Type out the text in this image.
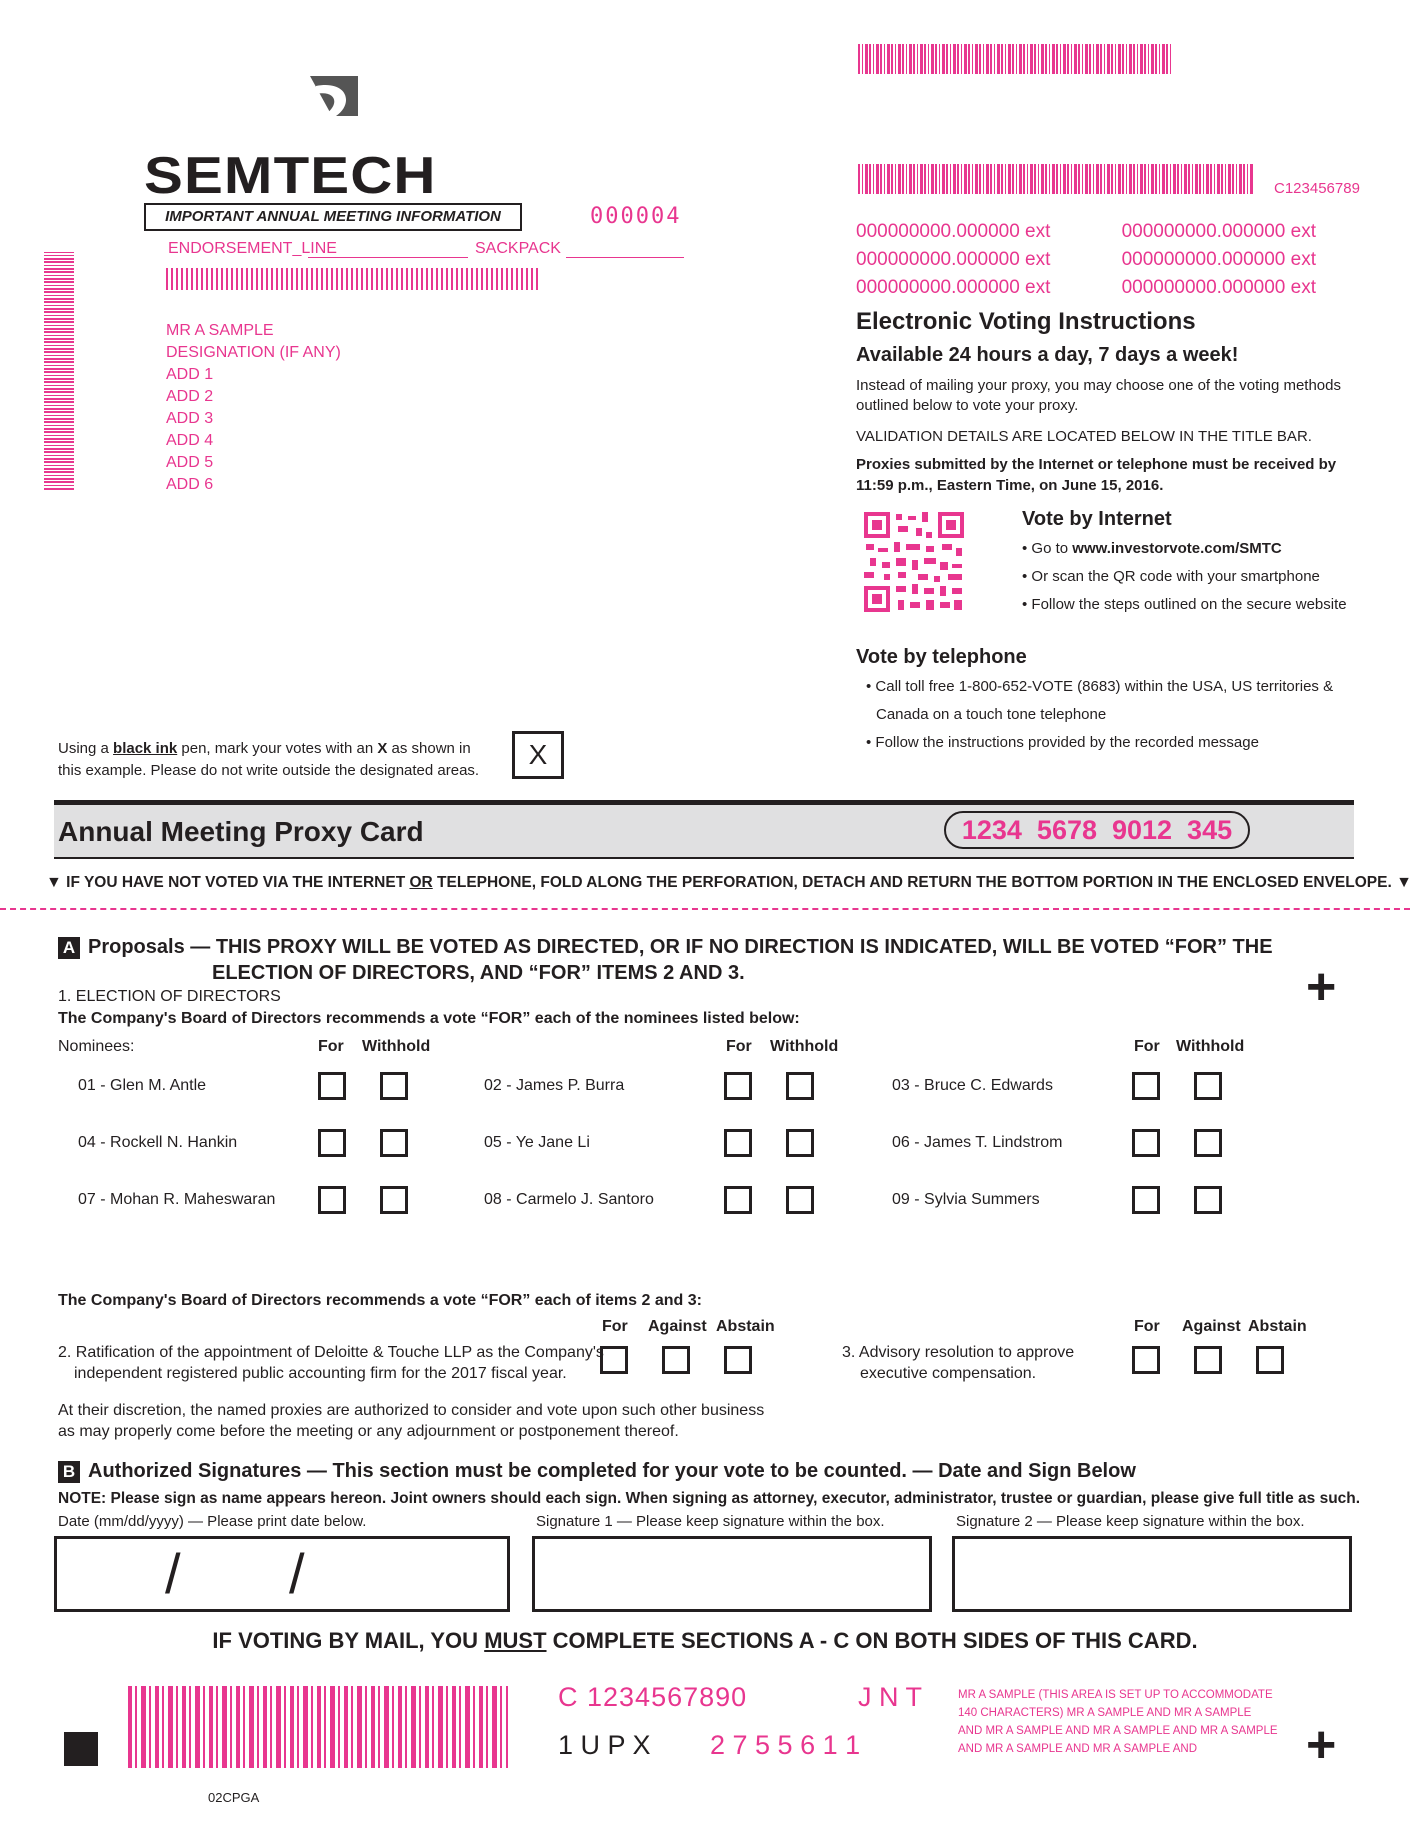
SEMTECH
IMPORTANT ANNUAL MEETING INFORMATION	000004
ENDORSEMENT_LINE	SACKPACK
MR A SAMPLE
DESIGNATION (IF ANY)
ADD 1
ADD 2
ADD 3
ADD 4
ADD 5
ADD 6
C123456789
000000000.000000 ext	000000000.000000 ext
000000000.000000 ext	000000000.000000 ext
000000000.000000 ext	000000000.000000 ext
Electronic Voting Instructions
Available 24 hours a day, 7 days a week!
Instead of mailing your proxy, you may choose one of the voting methods outlined below to vote your proxy.
VALIDATION DETAILS ARE LOCATED BELOW IN THE TITLE BAR.
Proxies submitted by the Internet or telephone must be received by 11:59 p.m., Eastern Time, on June 15, 2016.
Vote by Internet
• Go to www.investorvote.com/SMTC
• Or scan the QR code with your smartphone
• Follow the steps outlined on the secure website
Vote by telephone
• Call toll free 1-800-652-VOTE (8683) within the USA, US territories &
Canada on a touch tone telephone
• Follow the instructions provided by the recorded message
Using a black ink pen, mark your votes with an X as shown in
this example. Please do not write outside the designated areas.
X
Annual Meeting Proxy Card	1234  5678  9012  345
▼ IF YOU HAVE NOT VOTED VIA THE INTERNET OR TELEPHONE, FOLD ALONG THE PERFORATION, DETACH AND RETURN THE BOTTOM PORTION IN THE ENCLOSED ENVELOPE. ▼
A Proposals — THIS PROXY WILL BE VOTED AS DIRECTED, OR IF NO DIRECTION IS INDICATED, WILL BE VOTED “FOR” THE
ELECTION OF DIRECTORS, AND “FOR” ITEMS 2 AND 3.	+
1. ELECTION OF DIRECTORS
The Company's Board of Directors recommends a vote “FOR” each of the nominees listed below:
Nominees:	For Withhold	For Withhold	For Withhold
01 - Glen M. Antle	02 - James P. Burra	03 - Bruce C. Edwards
04 - Rockell N. Hankin	05 - Ye Jane Li	06 - James T. Lindstrom
07 - Mohan R. Maheswaran	08 - Carmelo J. Santoro	09 - Sylvia Summers
The Company's Board of Directors recommends a vote “FOR” each of items 2 and 3:
For Against Abstain
2. Ratification of the appointment of Deloitte & Touche LLP as the Company's
independent registered public accounting firm for the 2017 fiscal year.
For Against Abstain
3. Advisory resolution to approve
executive compensation.
At their discretion, the named proxies are authorized to consider and vote upon such other business
as may properly come before the meeting or any adjournment or postponement thereof.
B Authorized Signatures — This section must be completed for your vote to be counted. — Date and Sign Below
NOTE: Please sign as name appears hereon. Joint owners should each sign. When signing as attorney, executor, administrator, trustee or guardian, please give full title as such.
Date (mm/dd/yyyy) — Please print date below.	Signature 1 — Please keep signature within the box.	Signature 2 — Please keep signature within the box.
/ /
IF VOTING BY MAIL, YOU MUST COMPLETE SECTIONS A - C ON BOTH SIDES OF THIS CARD.
02CPGA
C 1234567890	J N T
1 U P X 2 7 5 5 6 1 1
MR A SAMPLE (THIS AREA IS SET UP TO ACCOMMODATE 140 CHARACTERS) MR A SAMPLE AND MR A SAMPLE AND MR A SAMPLE AND MR A SAMPLE AND MR A SAMPLE AND MR A SAMPLE AND MR A SAMPLE AND	+
